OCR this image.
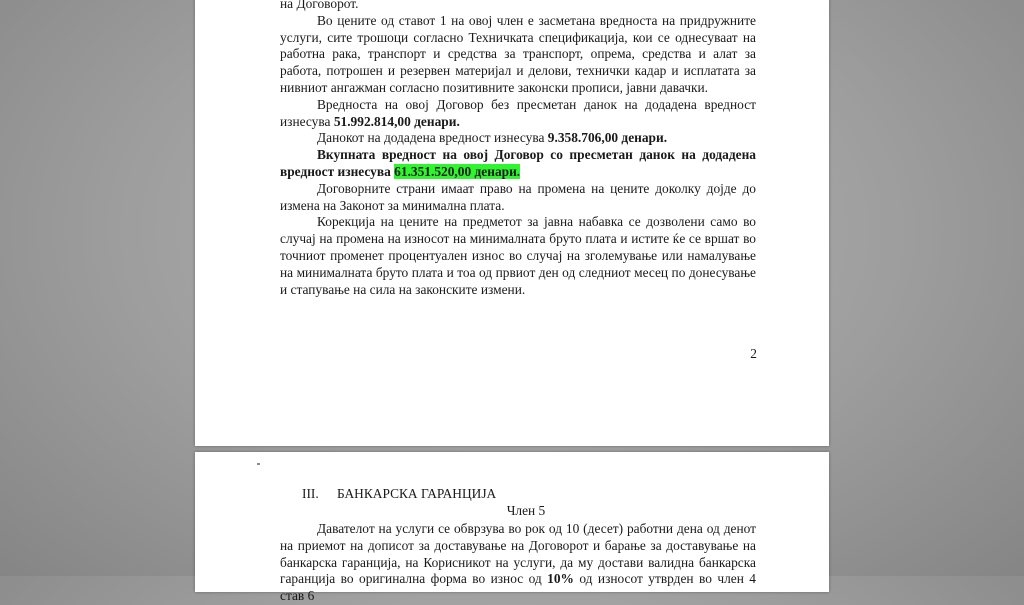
на Договорот.
Во цените од ставот 1 на овој член е засметана вредноста на придружните услуги, сите трошоци согласно Техничката спецификација, кои се однесуваат на работна рака, транспорт и средства за транспорт, опрема, средства и алат за работа, потрошен и резервен материјал и делови, технички кадар и исплатата за нивниот ангажман согласно позитивните законски прописи, јавни давачки.
Вредноста на овој Договор без пресметан данок на додадена вредност изнесува 51.992.814,00 денари.
Данокот на додадена вредност изнесува 9.358.706,00 денари.
Вкупната вредност на овој Договор со пресметан данок на додадена вредност изнесува 61.351.520,00 денари.
Договорните страни имаат право на промена на цените доколку дојде до измена на Законот за минимална плата.
Корекција на цените на предметот за јавна набавка се дозволени само во случај на промена на износот на минималната бруто плата и истите ќе се вршат во точниот променет процентуален износ во случај на зголемување или намалување на минималната бруто плата и тоа од првиот ден од следниот месец по донесување и стапување на сила на законските измени.
2
III. БАНКАРСКА ГАРАНЦИЈА
Член 5
Давателот на услуги се обврзува во рок од 10 (десет) работни дена од денот на приемот на дописот за доставување на Договорот и барање за доставување на банкарска гаранција, на Корисникот на услуги, да му достави валидна банкарска гаранција во оригинална форма во износ од 10% од износот утврден во член 4 став 6
